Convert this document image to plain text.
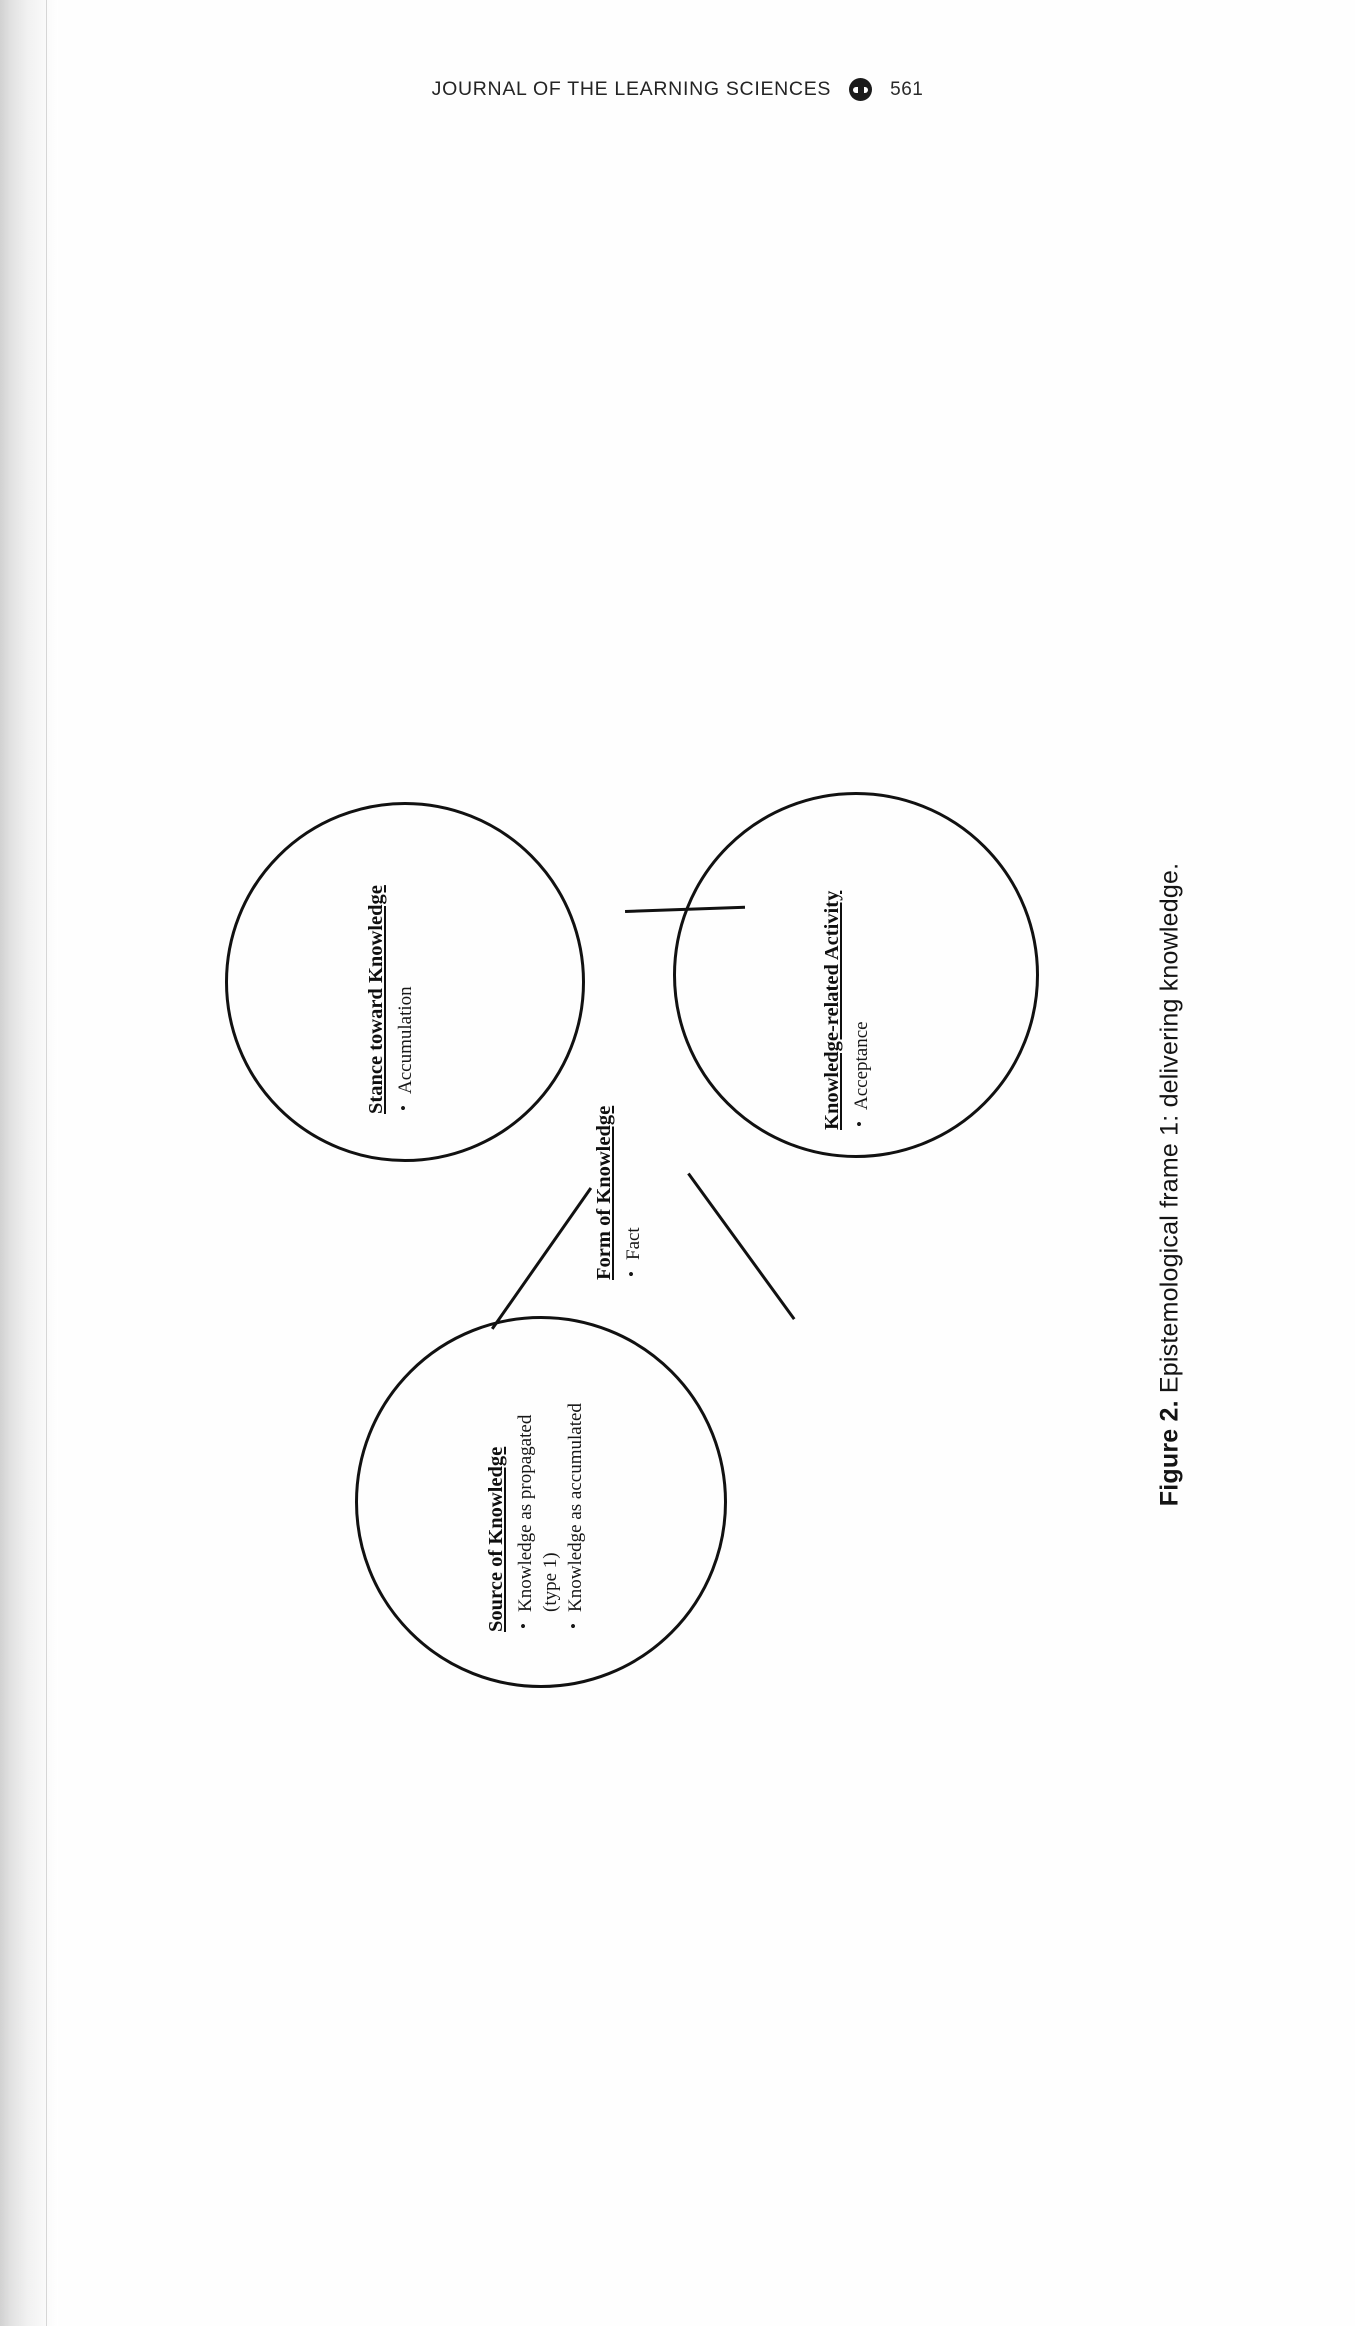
JOURNAL OF THE LEARNING SCIENCES	561
Source of Knowledge •
Knowledge as propagated (type 1)
•
Knowledge as accumulated
Stance toward Knowledge •
Accumulation	Knowledge-related Activity •
Acceptance
Form of Knowledge •
Fact
Figure 2. Epistemological frame 1: delivering knowledge.
